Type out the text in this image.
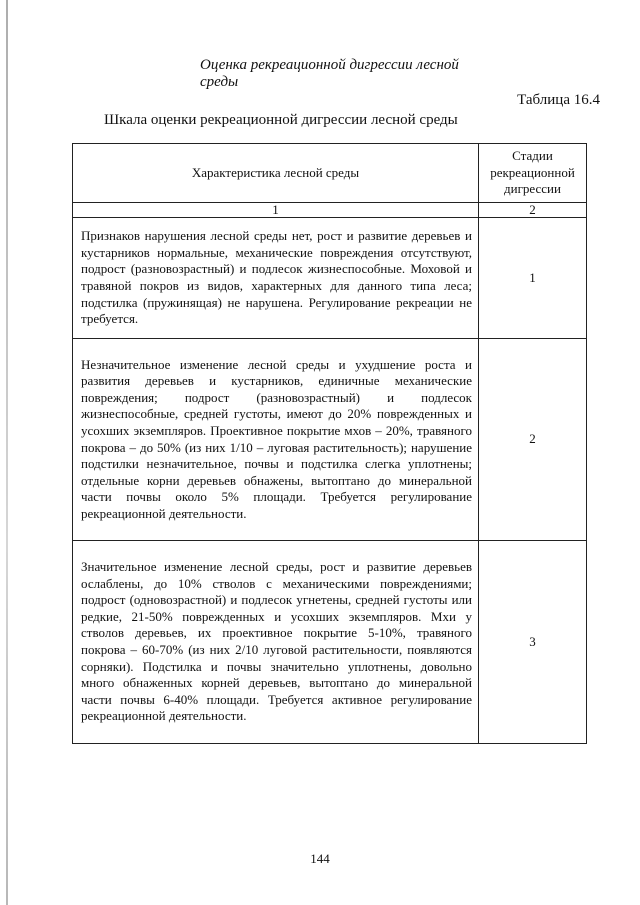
Оценка рекреационной дигрессии лесной среды
Таблица 16.4
Шкала оценки рекреационной дигрессии лесной среды
Характеристика лесной среды	Стадии рекреационной дигрессии
1	2
Признаков нарушения лесной среды нет, рост и развитие деревьев и кустарников нормальные, механические повреждения отсутствуют, подрост (разновозрастный) и подлесок жизнеспособные. Моховой и травяной покров из видов, характерных для данного типа леса; подстилка (пружинящая) не нарушена. Регулирование рекреации не требуется.	1
Незначительное изменение лесной среды и ухудшение роста и развития деревьев и кустарников, единичные механические повреждения; подрост (разновозрастный) и подлесок жизнеспособные, средней густоты, имеют до 20% поврежденных и усохших экземпляров. Проективное покрытие мхов – 20%, травяного покрова – до 50% (из них 1/10 – луговая растительность); нарушение подстилки незначительное, почвы и подстилка слегка уплотнены; отдельные корни деревьев обнажены, вытоптано до минеральной части почвы около 5% площади. Требуется регулирование рекреационной деятельности.	2
Значительное изменение лесной среды, рост и развитие деревьев ослаблены, до 10% стволов с механическими повреждениями; подрост (одновозрастной) и подлесок угнетены, средней густоты или редкие, 21-50% поврежденных и усохших экземпляров. Мхи у стволов деревьев, их проективное покрытие 5-10%, травяного покрова – 60-70% (из них 2/10 луговой растительности, появляются сорняки). Подстилка и почвы значительно уплотнены, довольно много обнаженных корней деревьев, вытоптано до минеральной части почвы 6-40% площади. Требуется активное регулирование рекреационной деятельности.	3
144
